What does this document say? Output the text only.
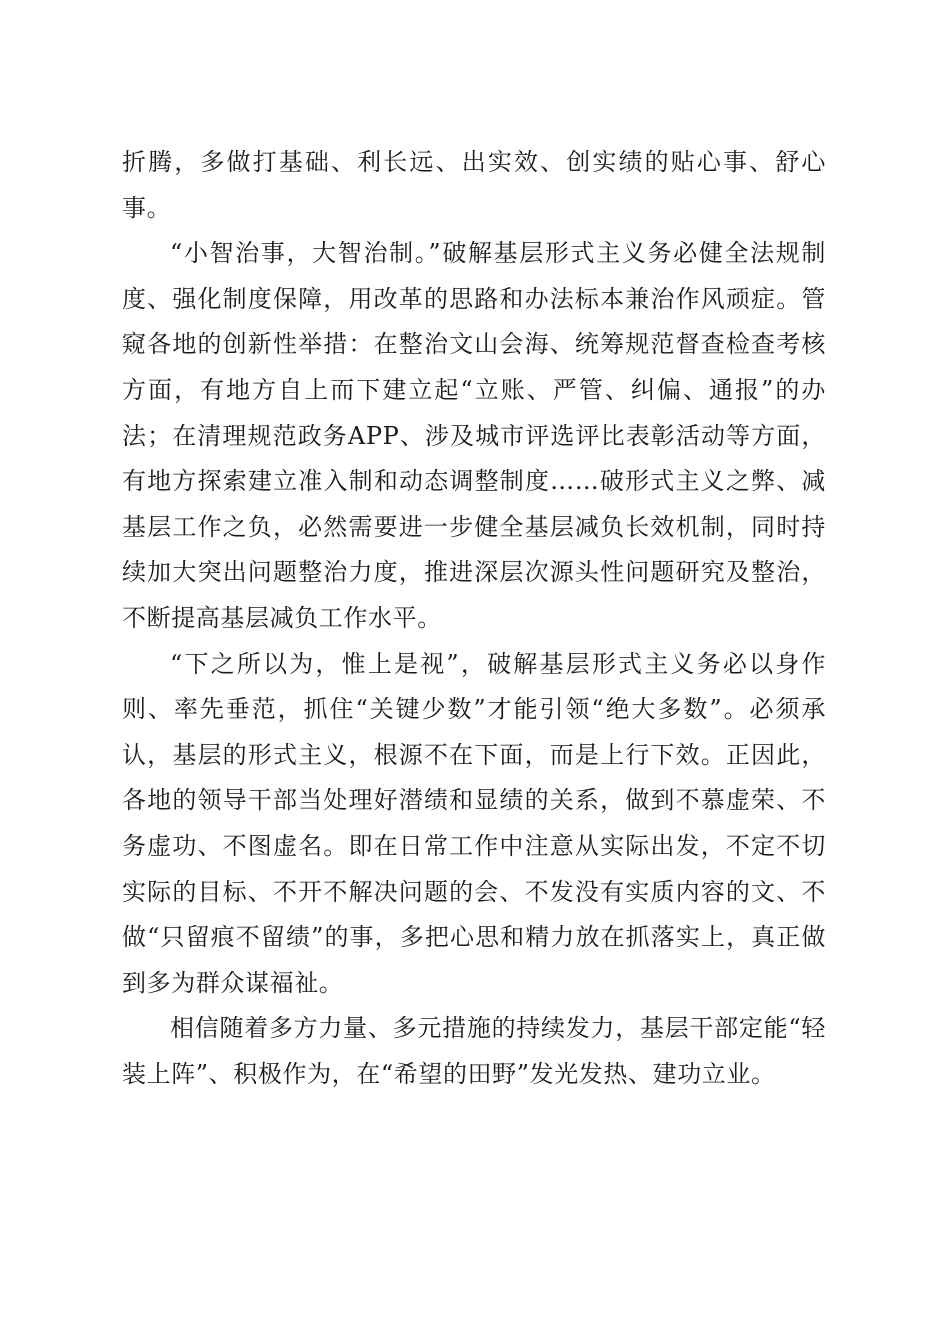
折腾，多做打基础、利长远、出实效、创实绩的贴心事、舒心事。

“小智治事，大智治制。”破解基层形式主义务必健全法规制度、强化制度保障，用改革的思路和办法标本兼治作风顽症。管窥各地的创新性举措：在整治文山会海、统筹规范督查检查考核方面，有地方自上而下建立起“立账、严管、纠偏、通报”的办法；在清理规范政务APP、涉及城市评选评比表彰活动等方面，有地方探索建立准入制和动态调整制度……破形式主义之弊、减基层工作之负，必然需要进一步健全基层减负长效机制，同时持续加大突出问题整治力度，推进深层次源头性问题研究及整治，不断提高基层减负工作水平。

“下之所以为，惟上是视”，破解基层形式主义务必以身作则、率先垂范，抓住“关键少数”才能引领“绝大多数”。必须承认，基层的形式主义，根源不在下面，而是上行下效。正因此，各地的领导干部当处理好潜绩和显绩的关系，做到不慕虚荣、不务虚功、不图虚名。即在日常工作中注意从实际出发，不定不切实际的目标、不开不解决问题的会、不发没有实质内容的文、不做“只留痕不留绩”的事，多把心思和精力放在抓落实上，真正做到多为群众谋福祉。

相信随着多方力量、多元措施的持续发力，基层干部定能“轻装上阵”、积极作为，在“希望的田野”发光发热、建功立业。
